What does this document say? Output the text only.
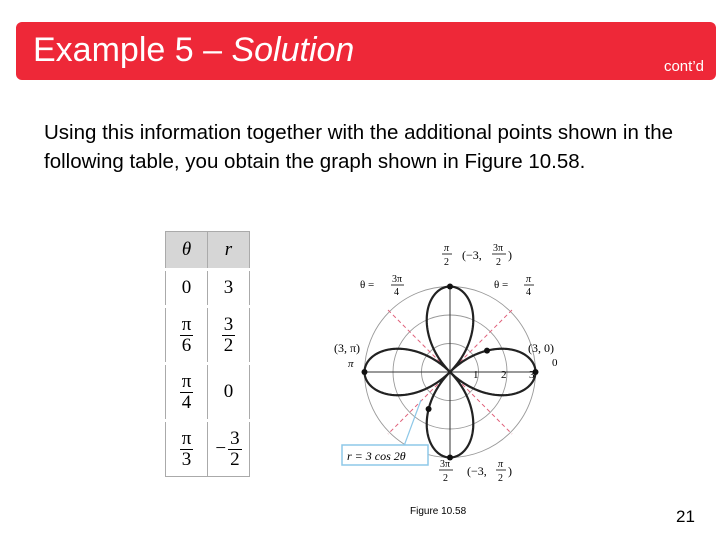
Example 5 – Solution	cont’d
Using this information together with the additional points shown in the following table, you obtain the graph shown in Figure 10.58.
θ	r
0	3

$\frac{\pi}{6}$	$\frac{3}{2}$

$\frac{\pi}{4}$	0

$\frac{\pi}{3}$	− $\frac{3}{2}$
1 2 3
0
π
π
2
(−3, 3π
2
)
θ = 3π
4
θ = π
4
(3, π)	(3, 0)
r = 3 cos 2θ
3π
2
(−3, π
2
)
Figure 10.58	21
